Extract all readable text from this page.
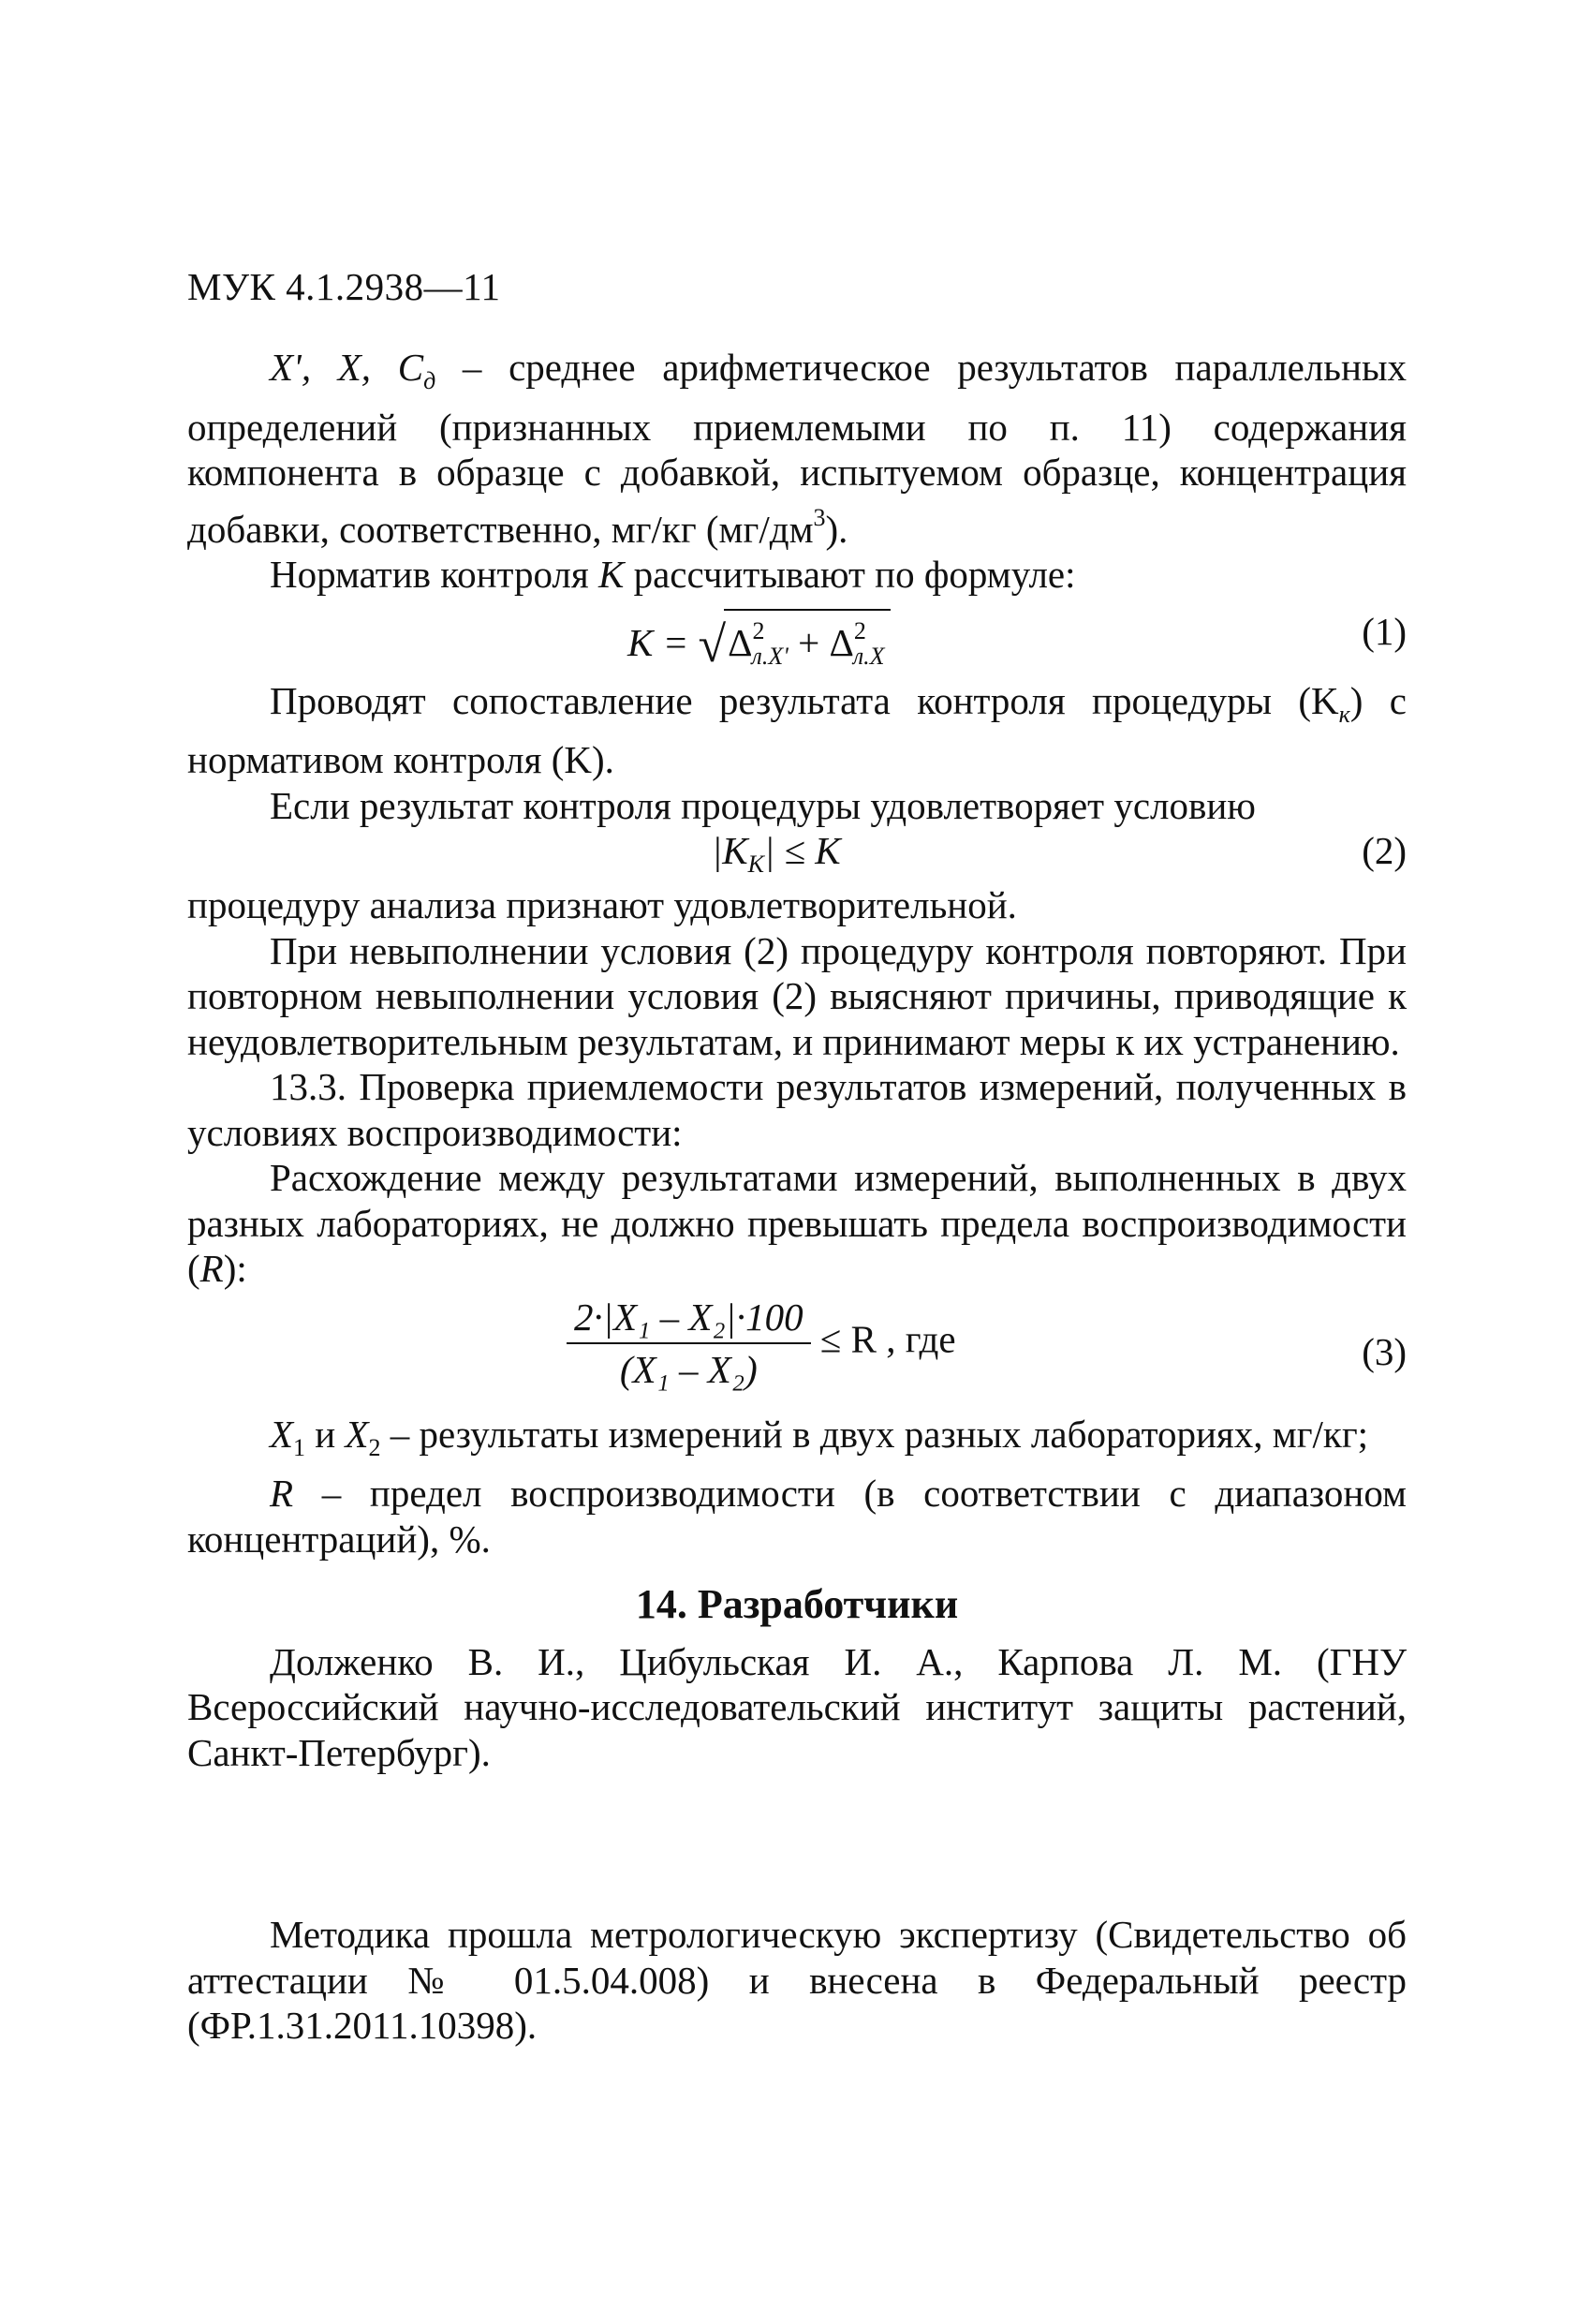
МУК 4.1.2938—11

X', X, $C_д$ – среднее арифметическое результатов параллельных определений (признанных приемлемыми по п. 11) содержания компонента в образце с добавкой, испытуемом образце, концентрация добавки, соответственно, мг/кг $(мг/дм^3)$.

Норматив контроля K рассчитывают по формуле:

$K = √\Delta^2_{л.X'} + \Delta^2_{л.X}$
(1)

Проводят сопоставление результата контроля процедуры $(K_к)$ с нормативом контроля (K).

Если результат контроля процедуры удовлетворяет условию

$|K_K| \le K$	(2)

процедуру анализа признают удовлетворительной.

При невыполнении условия (2) процедуру контроля повторяют. При повторном невыполнении условия (2) выясняют причины, приводящие к неудовлетворительным результатам, и принимают меры к их устранению.

13.3. Проверка приемлемости результатов измерений, полученных в условиях воспроизводимости:

Расхождение между результатами измерений, выполненных в двух разных лабораториях, не должно превышать предела воспроизводимости (R):

$\frac{\text{2·|X₁ – X₂|·100}}{\text{(X₁ – X₂)}} \le R$ , где	(3)

$X_1$ и $X_2$ – результаты измерений в двух разных лабораториях, мг/кг;

R – предел воспроизводимости (в соответствии с диапазоном концентраций), %.

14. Разработчики

Долженко В. И., Цибульская И. А., Карпова Л. М. (ГНУ Всероссийский научно-исследовательский институт защиты растений, Санкт-Петербург).

Методика прошла метрологическую экспертизу (Свидетельство об аттестации № 01.5.04.008) и внесена в Федеральный реестр (ФР.1.31.2011.10398).
